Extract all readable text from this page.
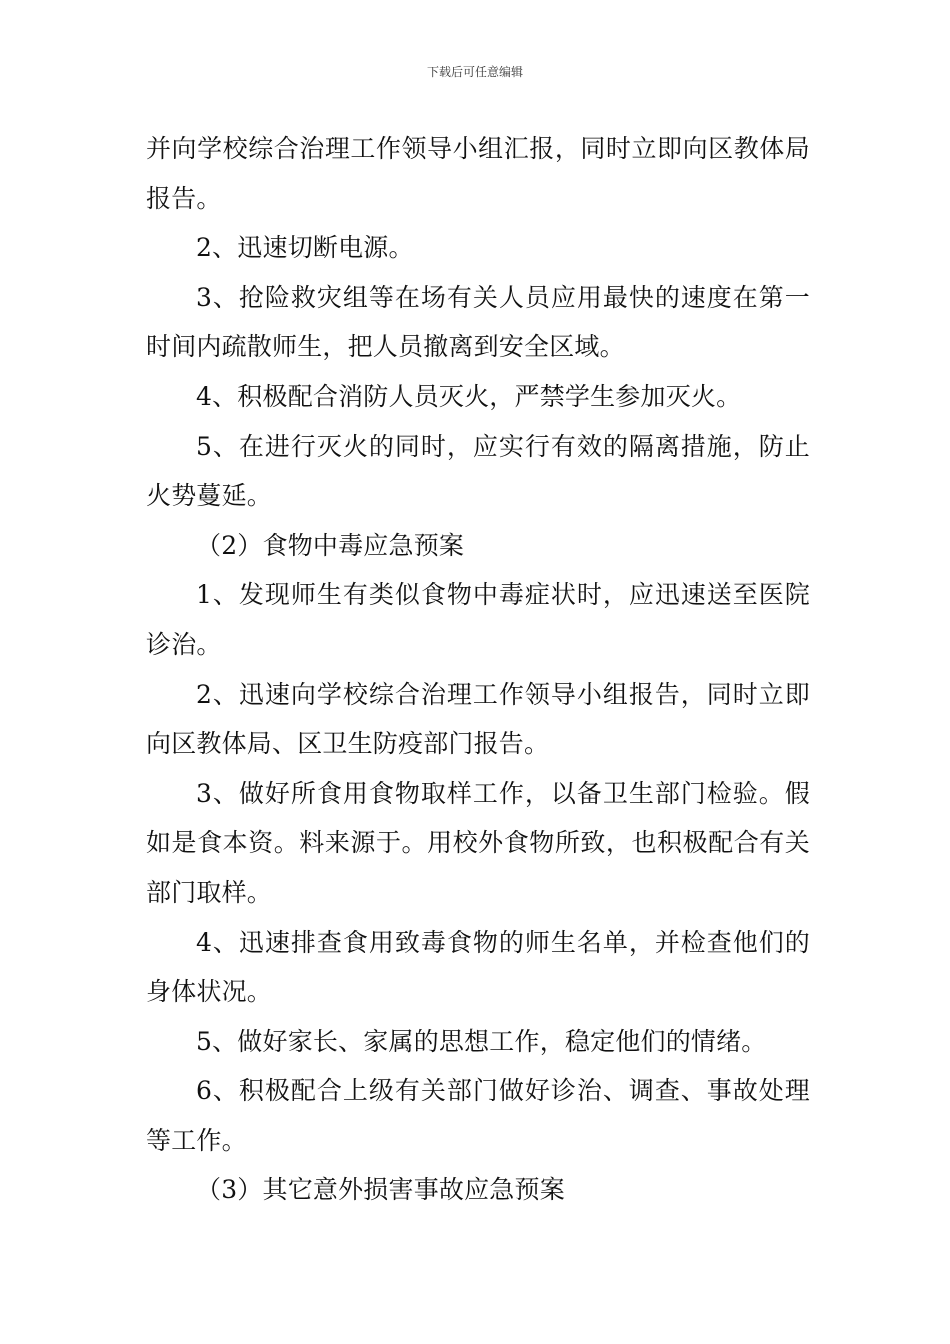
下载后可任意编辑

并向学校综合治理工作领导小组汇报，同时立即向区教体局报告。

2、迅速切断电源。

3、抢险救灾组等在场有关人员应用最快的速度在第一时间内疏散师生，把人员撤离到安全区域。

4、积极配合消防人员灭火，严禁学生参加灭火。

5、在进行灭火的同时，应实行有效的隔离措施，防止火势蔓延。

（2）食物中毒应急预案

1、发现师生有类似食物中毒症状时，应迅速送至医院诊治。

2、迅速向学校综合治理工作领导小组报告，同时立即向区教体局、区卫生防疫部门报告。

3、做好所食用食物取样工作，以备卫生部门检验。假如是食本资。料来源于。用校外食物所致，也积极配合有关部门取样。

4、迅速排查食用致毒食物的师生名单，并检查他们的身体状况。

5、做好家长、家属的思想工作，稳定他们的情绪。

6、积极配合上级有关部门做好诊治、调查、事故处理等工作。

（3）其它意外损害事故应急预案
